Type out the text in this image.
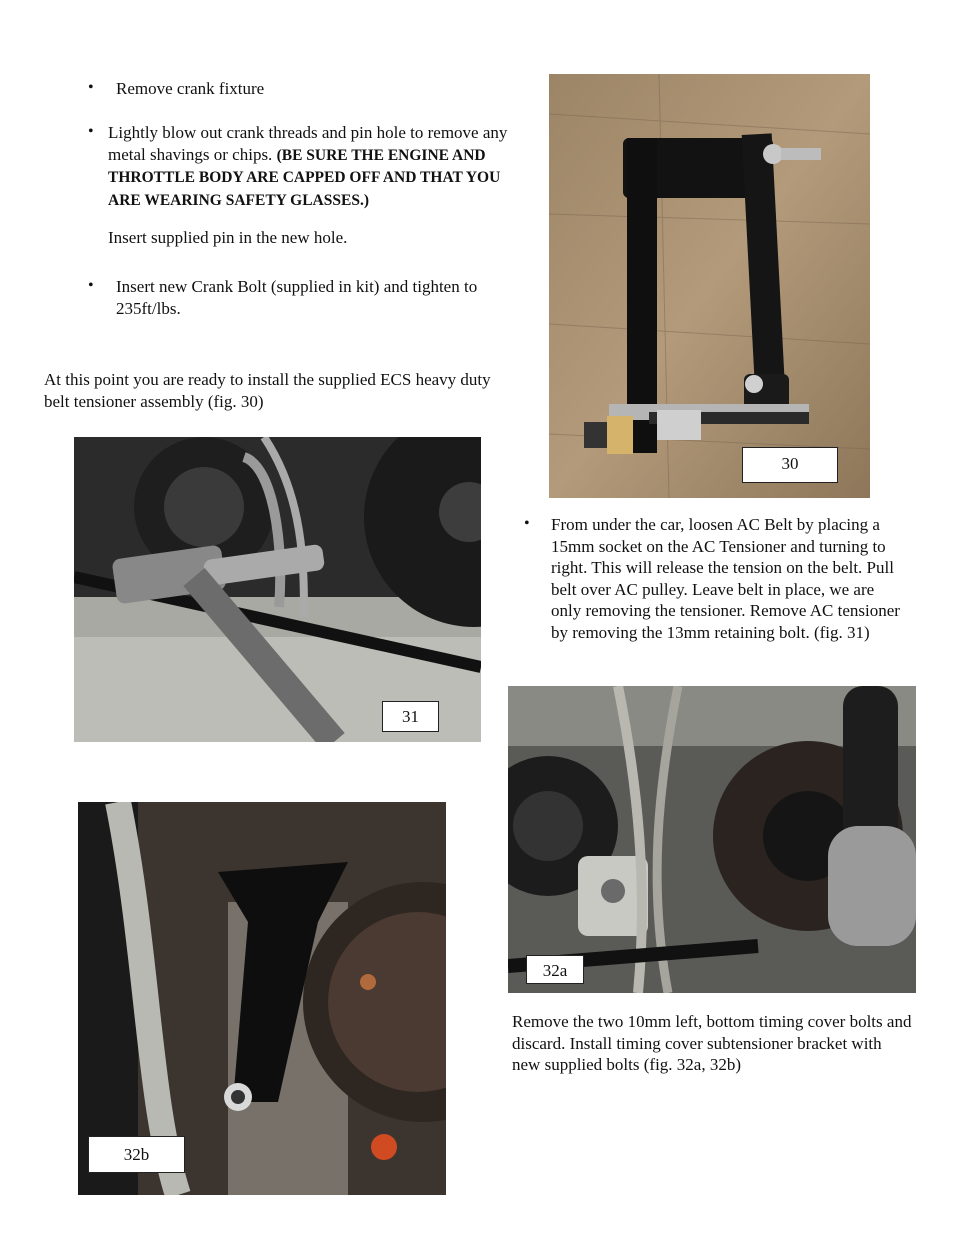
• Remove crank fixture
• Lightly blow out crank threads and pin hole to remove any metal shavings or chips. (BE SURE THE ENGINE AND THROTTLE BODY ARE CAPPED OFF AND THAT YOU ARE WEARING SAFETY GLASSES.)
Insert supplied pin in the new hole.
• Insert new Crank Bolt (supplied in kit) and tighten to 235ft/lbs.
At this point you are ready to install the supplied ECS heavy duty belt tensioner assembly (fig. 30)
30
31
• From under the car, loosen AC Belt by placing a 15mm socket on the AC Tensioner and turning to right. This will release the tension on the belt. Pull belt over AC pulley. Leave belt in place, we are only removing the tensioner. Remove AC tensioner by removing the 13mm retaining bolt. (fig. 31)
32a
Remove the two 10mm left, bottom timing cover bolts and discard. Install timing cover subtensioner bracket with new supplied bolts (fig. 32a, 32b)
32b
